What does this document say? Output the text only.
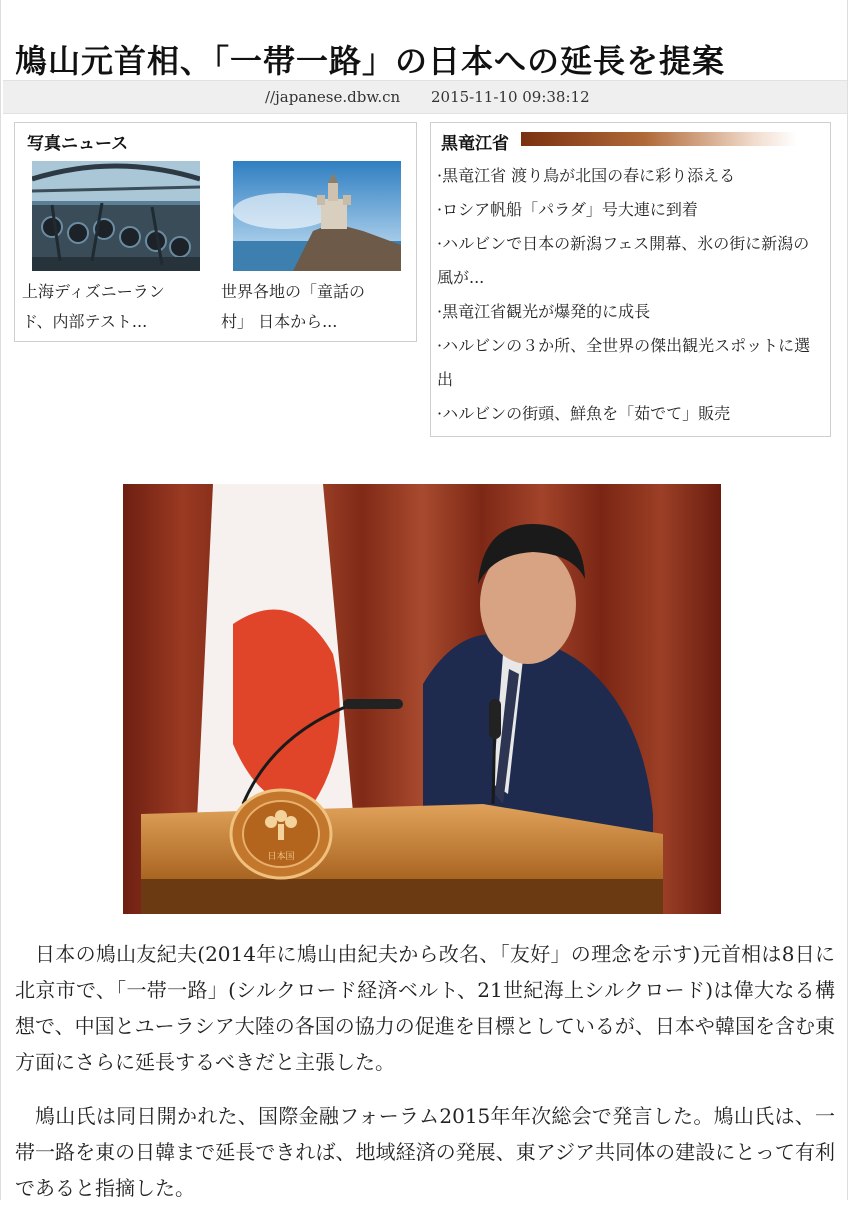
鳩山元首相、「一帯一路」の日本への延長を提案
//japanese.dbw.cn 2015-11-10 09:38:12
写真ニュース
上海ディズニーランド、内部テスト...
世界各地の「童話の村」 日本から...
黒竜江省
·黒竜江省 渡り鳥が北国の春に彩り添える
·ロシア帆船「パラダ」号大連に到着
·ハルビンで日本の新潟フェス開幕、氷の街に新潟の風が...
·黒竜江省観光が爆発的に成長
·ハルビンの３か所、全世界の傑出観光スポットに選出
·ハルビンの街頭、鮮魚を「茹でて」販売
日本国

日本の鳩山友紀夫(2014年に鳩山由紀夫から改名、「友好」の理念を示す)元首相は8日に北京市で、「一帯一路」(シルクロード経済ベルト、21世紀海上シルクロード)は偉大なる構想で、中国とユーラシア大陸の各国の協力の促進を目標としているが、日本や韓国を含む東方面にさらに延長するべきだと主張した。

鳩山氏は同日開かれた、国際金融フォーラム2015年年次総会で発言した。鳩山氏は、一帯一路を東の日韓まで延長できれば、地域経済の発展、東アジア共同体の建設にとって有利であると指摘した。
